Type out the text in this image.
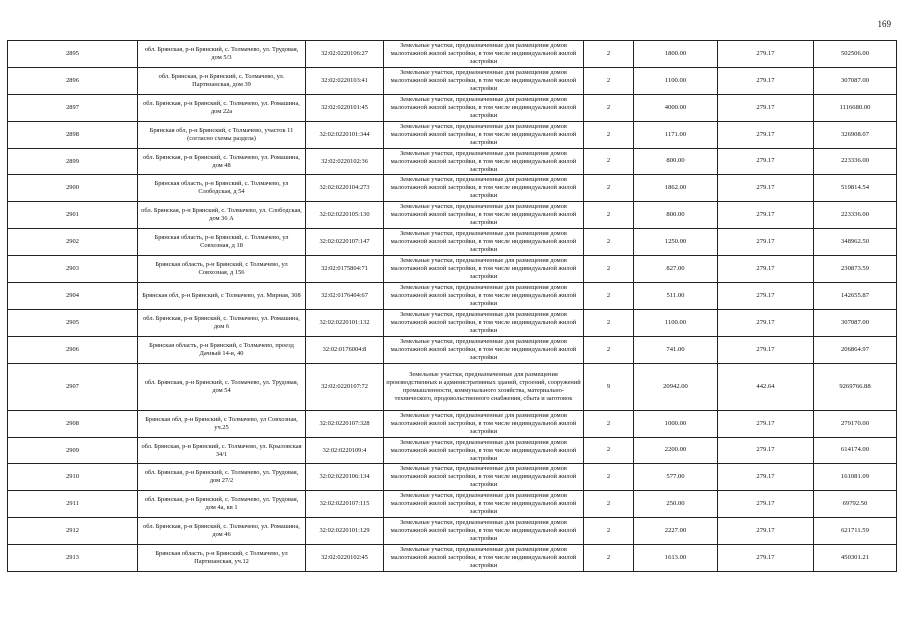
169
2895	обл. Брянская, р-н Брянский, с. Толмачево, ул. Трудовая, дом 5/3	32:02:0220106:27	Земельные участки, предназначенные для размещения домов малоэтажной жилой застройки, в том числе индивидуальной жилой застройки	2	1800.00	279.17	502506.00
2896	обл. Брянская, р-н Брянский, с. Толмачево, ул. Партизанская, дом 39	32:02:0220103:41	Земельные участки, предназначенные для размещения домов малоэтажной жилой застройки, в том числе индивидуальной жилой застройки	2	1100.00	279.17	307087.00
2897	обл. Брянская, р-н Брянский, с. Толмачево, ул. Ромашина, дом 22а	32:02:0220101:45	Земельные участки, предназначенные для размещения домов малоэтажной жилой застройки, в том числе индивидуальной жилой застройки	2	4000.00	279.17	1116680.00
2898	Брянская обл, р-н Брянский, с Толмачево, участок 11 (согласно схемы раздела)	32:02:0220101:344	Земельные участки, предназначенные для размещения домов малоэтажной жилой застройки, в том числе индивидуальной жилой застройки	2	1171.00	279.17	326908.07
2899	обл. Брянская, р-н Брянский, с. Толмачево, ул. Ромашина, дом 48	32:02:0220102:36	Земельные участки, предназначенные для размещения домов малоэтажной жилой застройки, в том числе индивидуальной жилой застройки	2	800.00	279.17	223336.00
2900	Брянская область, р-н Брянский, с. Толмачево, ул Слободская, д 54	32:02:0220104:273	Земельные участки, предназначенные для размещения домов малоэтажной жилой застройки, в том числе индивидуальной жилой застройки	2	1862.00	279.17	519814.54
2901	обл. Брянская, р-н Брянский, с. Толмачево, ул. Слободская, дом 36 А	32:02:0220105:130	Земельные участки, предназначенные для размещения домов малоэтажной жилой застройки, в том числе индивидуальной жилой застройки	2	800.00	279.17	223336.00
2902	Брянская область, р-н Брянский, с. Толмачево, ул Совхозная, д 18	32:02:0220107:147	Земельные участки, предназначенные для размещения домов малоэтажной жилой застройки, в том числе индивидуальной жилой застройки	2	1250.00	279.17	348962.50
2903	Брянская область, р-н Брянский, с Толмачево, ул Совхозная, д 156	32:02:0175804:71	Земельные участки, предназначенные для размещения домов малоэтажной жилой застройки, в том числе индивидуальной жилой застройки	2	827.00	279.17	230873.59
2904	Брянская обл, р-н Брянский, с Толмачево, ул. Мирная, 308	32:02:0176404:67	Земельные участки, предназначенные для размещения домов малоэтажной жилой застройки, в том числе индивидуальной жилой застройки	2	511.00	279.17	142655.87
2905	обл. Брянская, р-н Брянский, с. Толмачево, ул. Ромашина, дом 6	32:02:0220101:132	Земельные участки, предназначенные для размещения домов малоэтажной жилой застройки, в том числе индивидуальной жилой застройки	2	1100.00	279.17	307087.00
2906	Брянская область, р-н Брянский, с Толмачево, проезд Дачный 14-в, 40	32:02:0176004:8	Земельные участки, предназначенные для размещения домов малоэтажной жилой застройки, в том числе индивидуальной жилой застройки	2	741.00	279.17	206864.97
2907	обл. Брянская, р-н Брянский, с. Толмачево, ул. Трудовая, дом 54	32:02:0220107:72	Земельные участки, предназначенные для размещения производственных и административных зданий, строений, сооружений промышленности, коммунального хозяйства, материально-технического, продовольственного снабжения, сбыта и заготовок	9	20942.00	442.64	9269766.88
2908	Брянская обл, р-н Брянский, с Толмачево, ул Совхозная, уч.25	32:02:0220107:328	Земельные участки, предназначенные для размещения домов малоэтажной жилой застройки, в том числе индивидуальной жилой застройки	2	1000.00	279.17	279170.00
2909	обл. Брянская, р-н Брянский, с. Толмачево, ул. Крыловская 34/1	32:02:0220109:4	Земельные участки, предназначенные для размещения домов малоэтажной жилой застройки, в том числе индивидуальной жилой застройки	2	2200.00	279.17	614174.00
2910	обл. Брянская, р-н Брянский, с. Толмачево, ул. Трудовая, дом 27/2	32:02:0220106:134	Земельные участки, предназначенные для размещения домов малоэтажной жилой застройки, в том числе индивидуальной жилой застройки	2	577.00	279.17	161081.09
2911	обл. Брянская, р-н Брянский, с. Толмачево, ул. Трудовая, дом 4а, кв 1	32:02:0220107:115	Земельные участки, предназначенные для размещения домов малоэтажной жилой застройки, в том числе индивидуальной жилой застройки	2	250.00	279.17	69792.50
2912	обл. Брянская, р-н Брянский, с. Толмачево, ул. Ромашина, дом 46	32:02:0220101:129	Земельные участки, предназначенные для размещения домов малоэтажной жилой застройки, в том числе индивидуальной жилой застройки	2	2227.00	279.17	621711.59
2913	Брянская область, р-н Брянский, с Толмачево, ул Партизанская, уч.12	32:02:0220102:45	Земельные участки, предназначенные для размещения домов малоэтажной жилой застройки, в том числе индивидуальной жилой застройки	2	1613.00	279.17	450301.21
